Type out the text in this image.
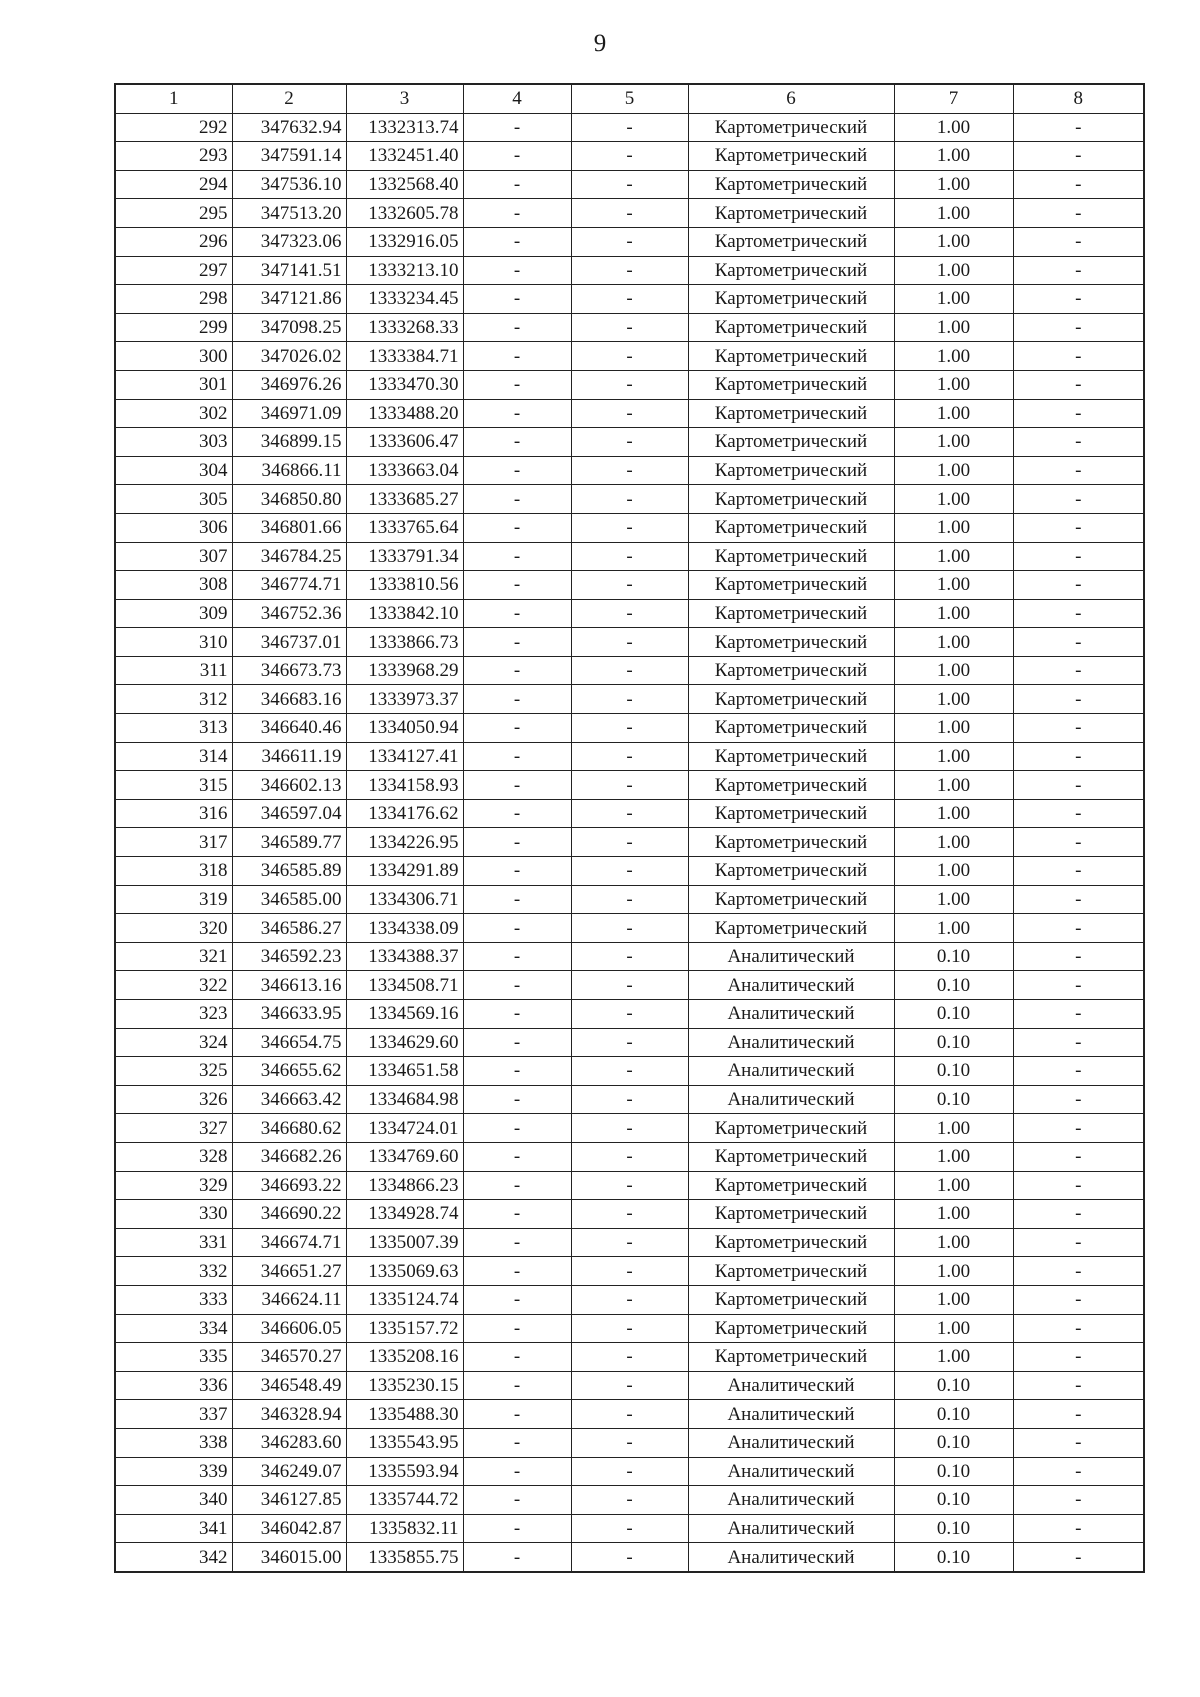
9
1	2	3	4	5	6	7	8
292	347632.94	1332313.74	-	-	Картометрический	1.00	-
293	347591.14	1332451.40	-	-	Картометрический	1.00	-
294	347536.10	1332568.40	-	-	Картометрический	1.00	-
295	347513.20	1332605.78	-	-	Картометрический	1.00	-
296	347323.06	1332916.05	-	-	Картометрический	1.00	-
297	347141.51	1333213.10	-	-	Картометрический	1.00	-
298	347121.86	1333234.45	-	-	Картометрический	1.00	-
299	347098.25	1333268.33	-	-	Картометрический	1.00	-
300	347026.02	1333384.71	-	-	Картометрический	1.00	-
301	346976.26	1333470.30	-	-	Картометрический	1.00	-
302	346971.09	1333488.20	-	-	Картометрический	1.00	-
303	346899.15	1333606.47	-	-	Картометрический	1.00	-
304	346866.11	1333663.04	-	-	Картометрический	1.00	-
305	346850.80	1333685.27	-	-	Картометрический	1.00	-
306	346801.66	1333765.64	-	-	Картометрический	1.00	-
307	346784.25	1333791.34	-	-	Картометрический	1.00	-
308	346774.71	1333810.56	-	-	Картометрический	1.00	-
309	346752.36	1333842.10	-	-	Картометрический	1.00	-
310	346737.01	1333866.73	-	-	Картометрический	1.00	-
311	346673.73	1333968.29	-	-	Картометрический	1.00	-
312	346683.16	1333973.37	-	-	Картометрический	1.00	-
313	346640.46	1334050.94	-	-	Картометрический	1.00	-
314	346611.19	1334127.41	-	-	Картометрический	1.00	-
315	346602.13	1334158.93	-	-	Картометрический	1.00	-
316	346597.04	1334176.62	-	-	Картометрический	1.00	-
317	346589.77	1334226.95	-	-	Картометрический	1.00	-
318	346585.89	1334291.89	-	-	Картометрический	1.00	-
319	346585.00	1334306.71	-	-	Картометрический	1.00	-
320	346586.27	1334338.09	-	-	Картометрический	1.00	-
321	346592.23	1334388.37	-	-	Аналитический	0.10	-
322	346613.16	1334508.71	-	-	Аналитический	0.10	-
323	346633.95	1334569.16	-	-	Аналитический	0.10	-
324	346654.75	1334629.60	-	-	Аналитический	0.10	-
325	346655.62	1334651.58	-	-	Аналитический	0.10	-
326	346663.42	1334684.98	-	-	Аналитический	0.10	-
327	346680.62	1334724.01	-	-	Картометрический	1.00	-
328	346682.26	1334769.60	-	-	Картометрический	1.00	-
329	346693.22	1334866.23	-	-	Картометрический	1.00	-
330	346690.22	1334928.74	-	-	Картометрический	1.00	-
331	346674.71	1335007.39	-	-	Картометрический	1.00	-
332	346651.27	1335069.63	-	-	Картометрический	1.00	-
333	346624.11	1335124.74	-	-	Картометрический	1.00	-
334	346606.05	1335157.72	-	-	Картометрический	1.00	-
335	346570.27	1335208.16	-	-	Картометрический	1.00	-
336	346548.49	1335230.15	-	-	Аналитический	0.10	-
337	346328.94	1335488.30	-	-	Аналитический	0.10	-
338	346283.60	1335543.95	-	-	Аналитический	0.10	-
339	346249.07	1335593.94	-	-	Аналитический	0.10	-
340	346127.85	1335744.72	-	-	Аналитический	0.10	-
341	346042.87	1335832.11	-	-	Аналитический	0.10	-
342	346015.00	1335855.75	-	-	Аналитический	0.10	-
